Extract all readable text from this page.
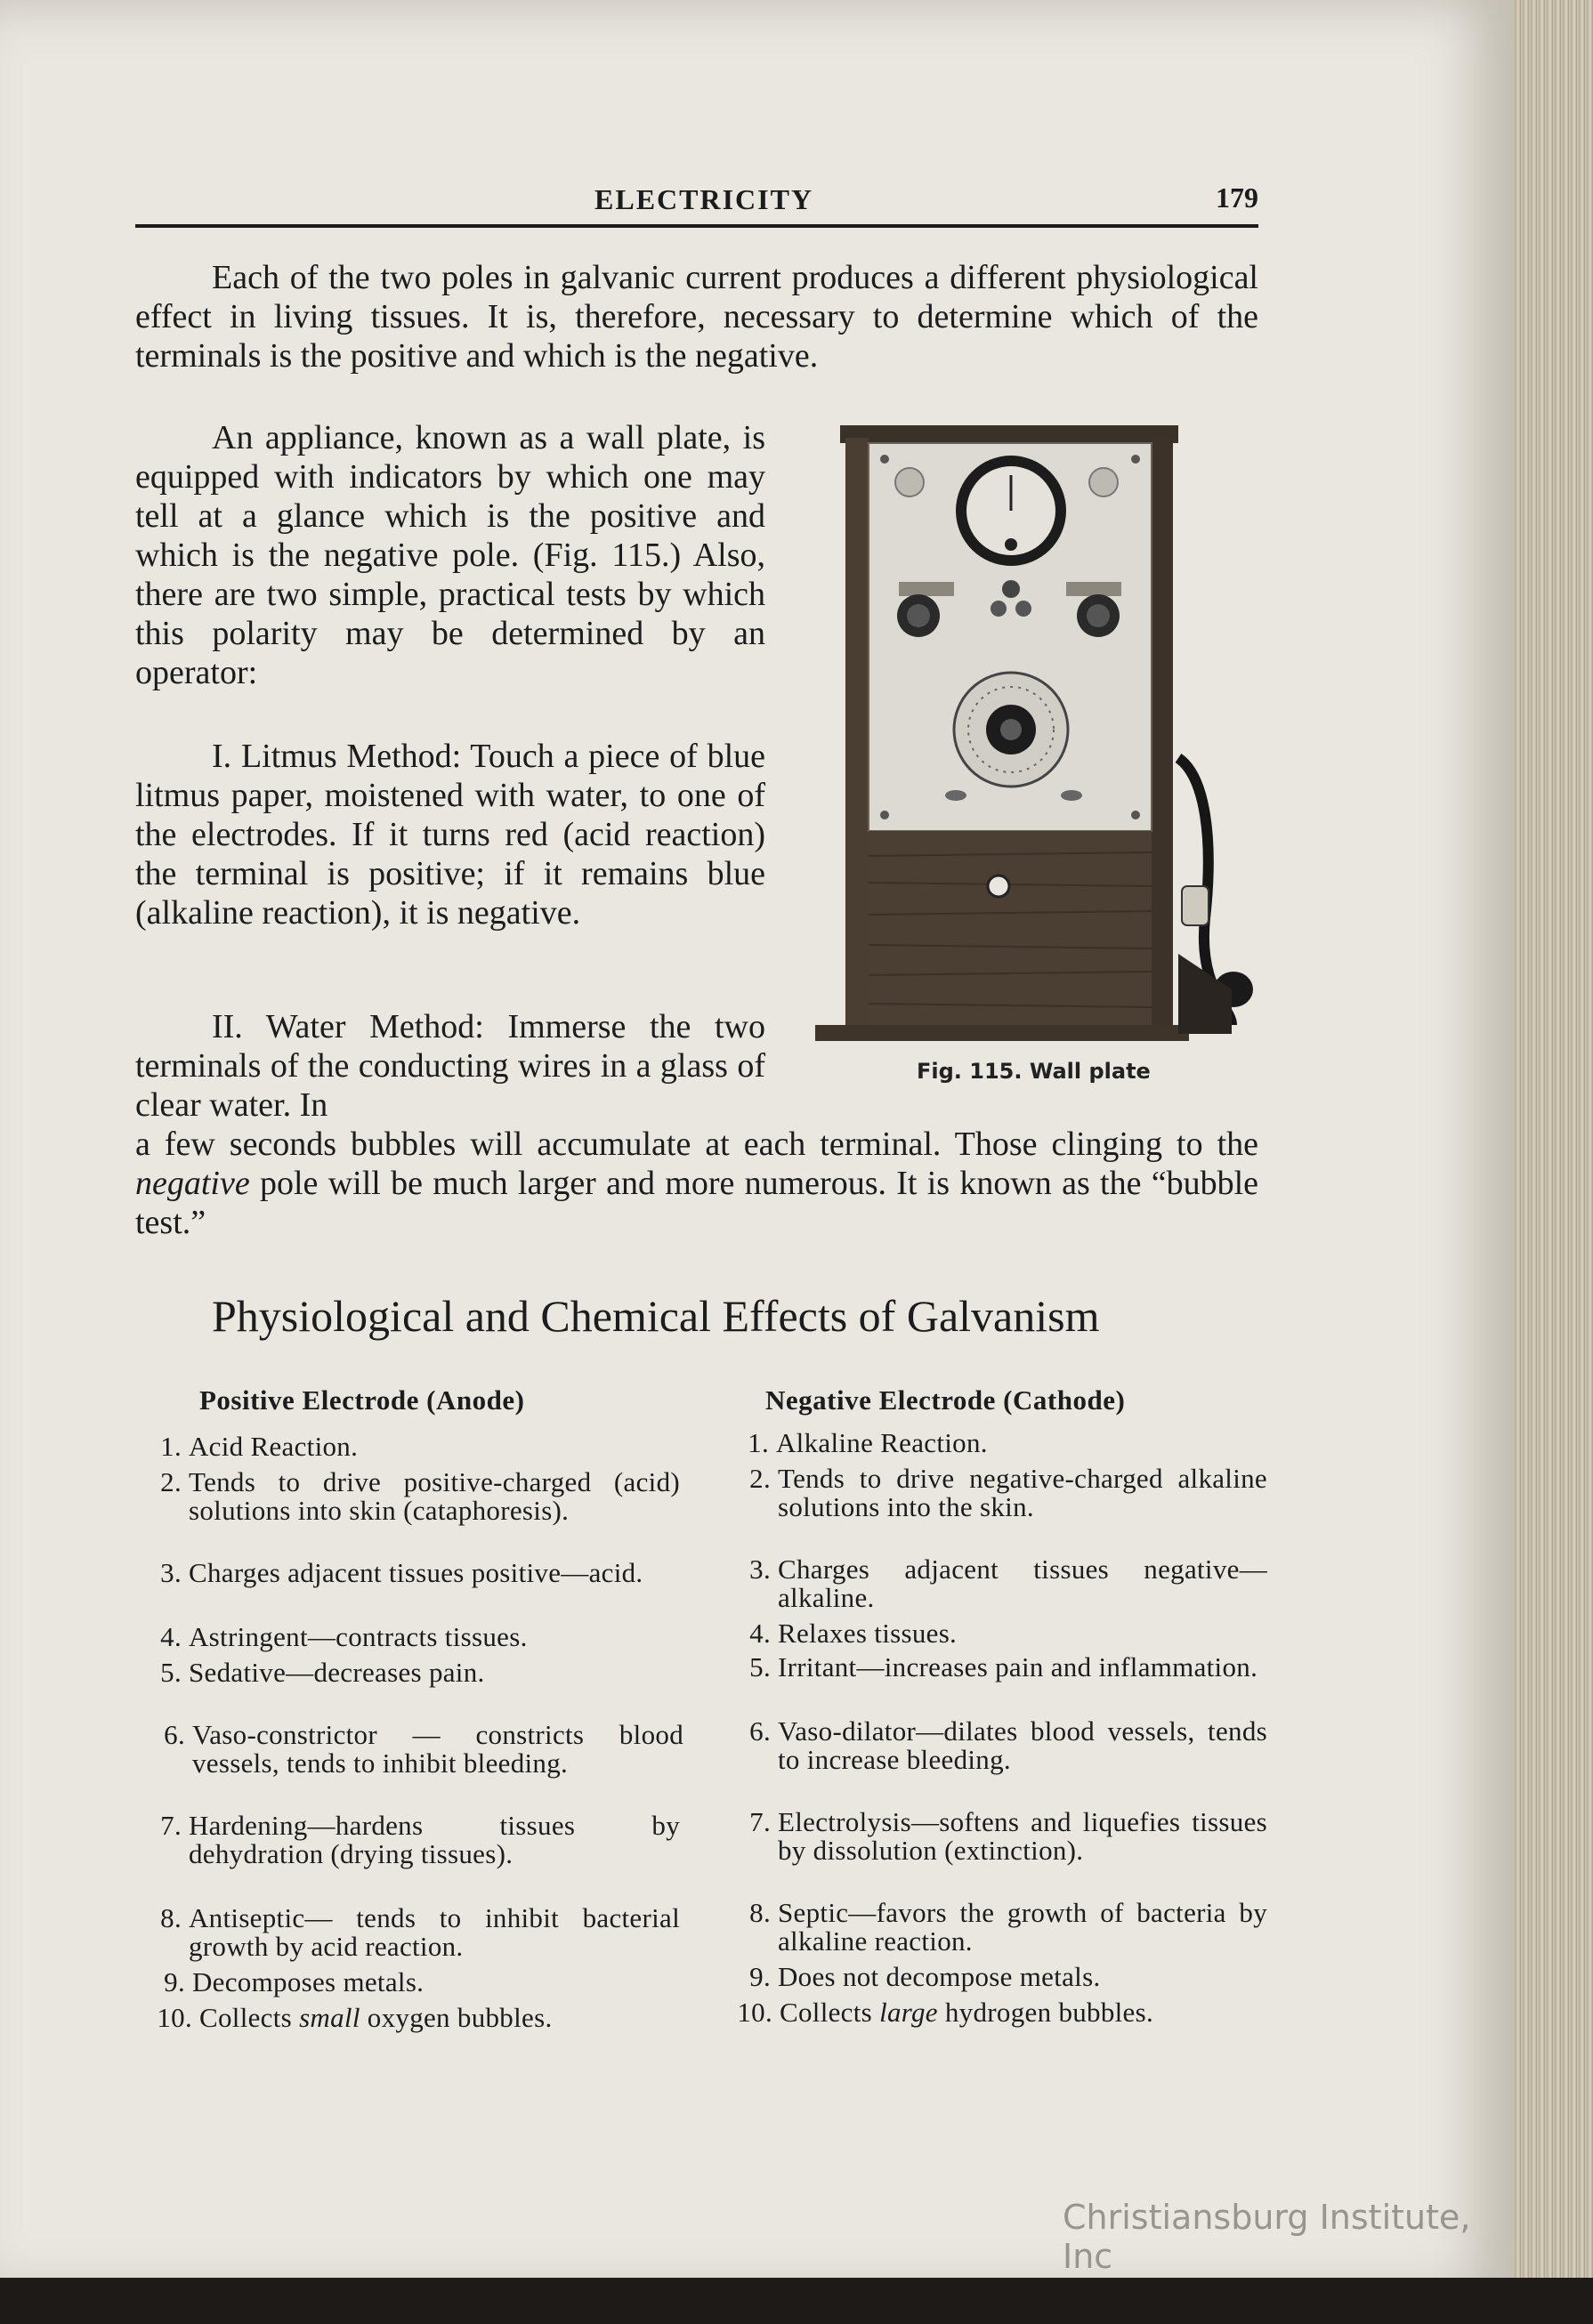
ELECTRICITY	179

Each of the two poles in galvanic current produces a different physiological effect in living tissues. It is, therefore, necessary to determine which of the terminals is the positive and which is the negative.

An appliance, known as a wall plate, is equipped with indicators by which one may tell at a glance which is the positive and which is the negative pole. (Fig. 115.) Also, there are two simple, practical tests by which this polarity may be determined by an operator:

I. Litmus Method: Touch a piece of blue litmus paper, moistened with water, to one of the electrodes. If it turns red (acid reaction) the terminal is positive; if it remains blue (alkaline reaction), it is negative.

II. Water Method: Immerse the two terminals of the conducting wires in a glass of clear water. In

a few seconds bubbles will accumulate at each terminal. Those clinging to the negative pole will be much larger and more numerous. It is known as the “bubble test.”

Fig. 115. Wall plate
Physiological and Chemical Effects of Galvanism
Positive Electrode (Anode)	Negative Electrode (Cathode)
1. Acid Reaction.
2. Tends to drive positive-charged (acid) solutions into skin (cataphoresis).
3. Charges adjacent tissues positive—acid.
4. Astringent—contracts tissues.
5. Sedative—decreases pain.
6. Vaso-constrictor — constricts blood vessels, tends to inhibit bleeding.
7. Hardening—hardens tissues by dehydration (drying tissues).
8. Antiseptic— tends to inhibit bacterial growth by acid reaction.
9. Decomposes metals.
10. Collects small oxygen bubbles.
1. Alkaline Reaction.
2. Tends to drive negative-charged alkaline solutions into the skin.
3. Charges adjacent tissues negative—alkaline.
4. Relaxes tissues.
5. Irritant—increases pain and inflammation.
6. Vaso-dilator—dilates blood vessels, tends to increase bleeding.
7. Electrolysis—softens and liquefies tissues by dissolution (extinction).
8. Septic—favors the growth of bacteria by alkaline reaction.
9. Does not decompose metals.
10. Collects large hydrogen bubbles.
Christiansburg Institute, Inc
